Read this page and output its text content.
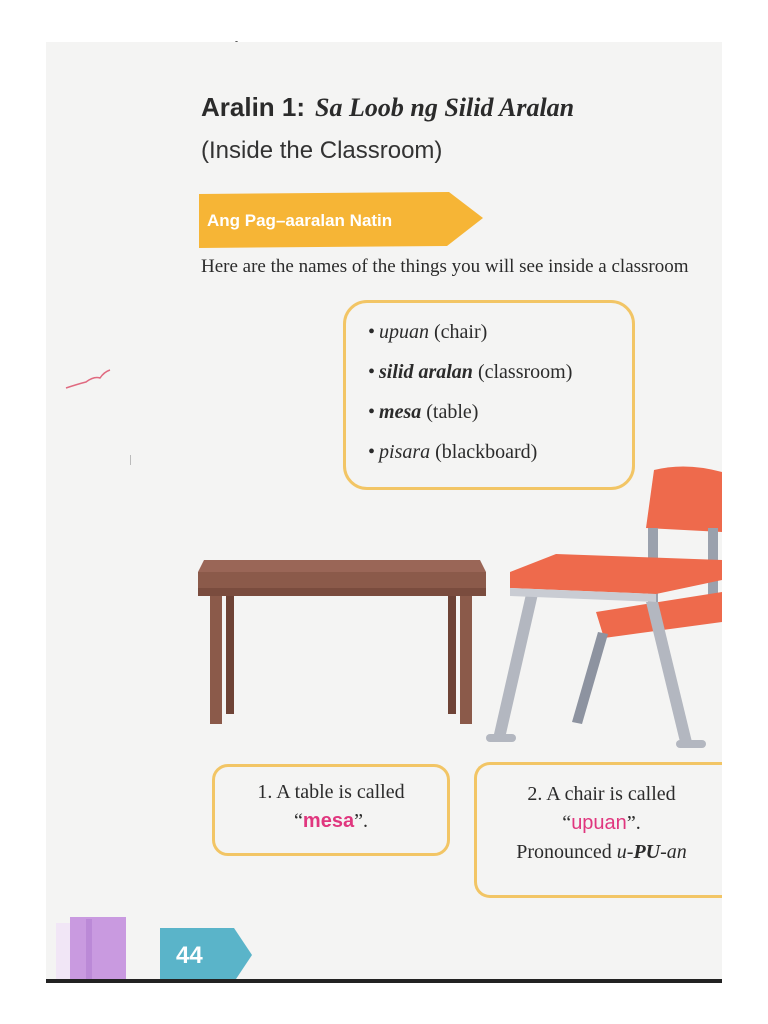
Aralin 1: Sa Loob ng Silid Aralan
(Inside the Classroom)
Ang Pag–aaralan Natin
Here are the names of the things you will see inside a classroom
• upuan (chair)
• silid aralan (classroom)
• mesa (table)
• pisara (blackboard)
1. A table is called
“mesa”.
2. A chair is called
“upuan”.
Pronounced u-PU-an
44
